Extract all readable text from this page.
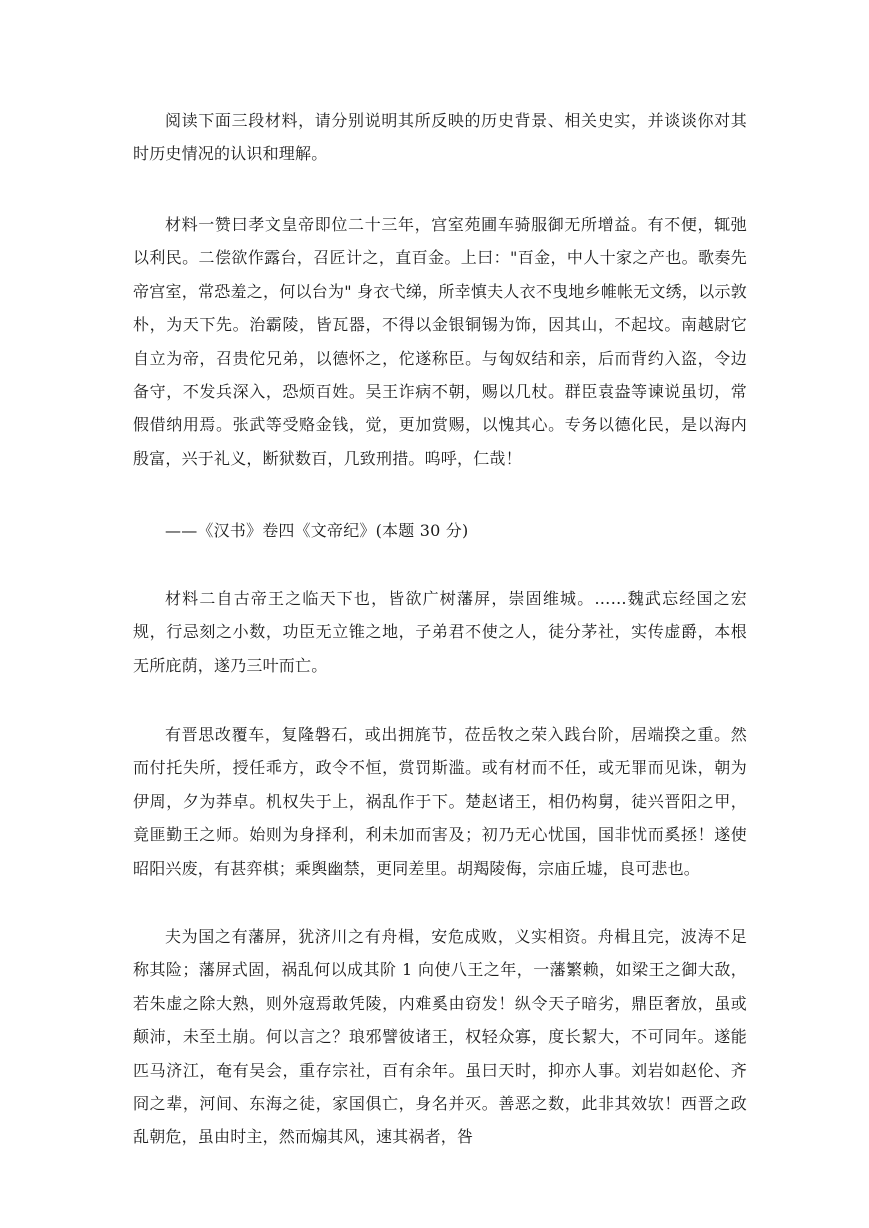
阅读下面三段材料，请分别说明其所反映的历史背景、相关史实，并谈谈你对其时历史情况的认识和理解。

材料一赞曰孝文皇帝即位二十三年，宫室苑圃车骑服御无所增益。有不便，辄弛以利民。二偿欲作露台，召匠计之，直百金。上曰："百金，中人十家之产也。歌奏先帝宫室，常恐羞之，何以台为" 身衣弋绨，所幸慎夫人衣不曳地乡帷帐无文绣，以示敦朴，为天下先。治霸陵，皆瓦器，不得以金银铜锡为饰，因其山，不起坟。南越尉它自立为帝，召贵佗兄弟，以德怀之，佗遂称臣。与匈奴结和亲，后而背约入盗，令边备守，不发兵深入，恐烦百姓。吴王诈病不朝，赐以几杖。群臣袁盎等谏说虽切，常假借纳用焉。张武等受赂金钱，觉，更加赏赐，以愧其心。专务以德化民，是以海内殷富，兴于礼义，断狱数百，几致刑措。呜呼，仁哉！

——《汉书》卷四《文帝纪》(本题 30 分)

材料二自古帝王之临天下也，皆欲广树藩屏，崇固维城。……魏武忘经国之宏规，行忌刻之小数，功臣无立锥之地，子弟君不使之人，徒分茅社，实传虚爵，本根无所庇荫，遂乃三叶而亡。

有晋思改覆车，复隆磐石，或出拥旄节，莅岳牧之荣入践台阶，居端揆之重。然而付托失所，授任乖方，政令不恒，赏罚斯滥。或有材而不任，或无罪而见诛，朝为伊周，夕为莽卓。机权失于上，祸乱作于下。楚赵诸王，相仍构舅，徒兴晋阳之甲，竟匪勤王之师。始则为身择利，利未加而害及；初乃无心忧国，国非忧而奚拯！遂使昭阳兴废，有甚弈棋；乘舆幽禁，更同差里。胡羯陵侮，宗庙丘墟，良可悲也。

夫为国之有藩屏，犹济川之有舟楫，安危成败，义实相资。舟楫且完，波涛不足称其险；藩屏式固，祸乱何以成其阶 1 向使八王之年，一藩繁赖，如梁王之御大敌，若朱虚之除大熟，则外寇焉敢凭陵，内难奚由窃发！纵令天子暗劣，鼎臣奢放，虽或颠沛，未至土崩。何以言之？琅邪譬彼诸王，权轻众寡，度长絜大，不可同年。遂能匹马济江，奄有吴会，重存宗社，百有余年。虽曰天时，抑亦人事。刘岩如赵伦、齐冏之辈，河间、东海之徒，家国俱亡，身名并灭。善恶之数，此非其效欤！西晋之政乱朝危，虽由时主，然而煽其风，速其祸者，咎
